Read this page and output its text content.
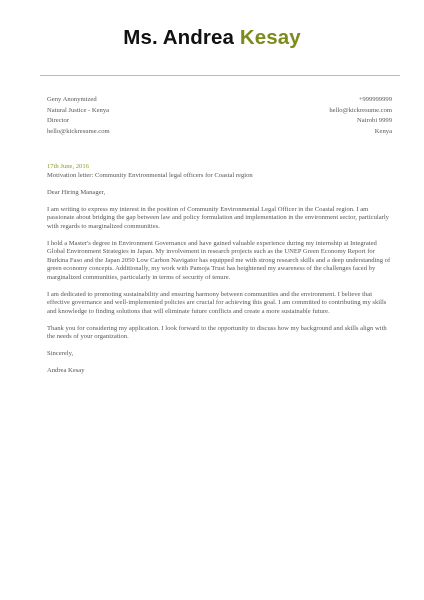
Ms. Andrea Kesay
Geny Anonymized
Natural Justice - Kenya
Director
hello@kickresume.com
+999999999
hello@kickresume.com
Nairobi 9999
Kenya

17th June, 2016

Motivation letter: Community Environmental legal officers for Coastal region

Dear Hiring Manager,

I am writing to express my interest in the position of Community Environmental Legal Officer in the Coastal region. I am passionate about bridging the gap between law and policy formulation and implementation in the environment sector, particularly with regards to marginalized communities.

I hold a Master's degree in Environment Governance and have gained valuable experience during my internship at Integrated Global Environment Strategies in Japan. My involvement in research projects such as the UNEP Green Economy Report for Burkina Faso and the Japan 2050 Low Carbon Navigator has equipped me with strong research skills and a deep understanding of green economy concepts. Additionally, my work with Pamoja Trust has heightened my awareness of the challenges faced by marginalized communities, particularly in terms of security of tenure.

I am dedicated to promoting sustainability and ensuring harmony between communities and the environment. I believe that effective governance and well-implemented policies are crucial for achieving this goal. I am committed to contributing my skills and knowledge to finding solutions that will eliminate future conflicts and create a more sustainable future.

Thank you for considering my application. I look forward to the opportunity to discuss how my background and skills align with the needs of your organization.

Sincerely,

Andrea Kesay
